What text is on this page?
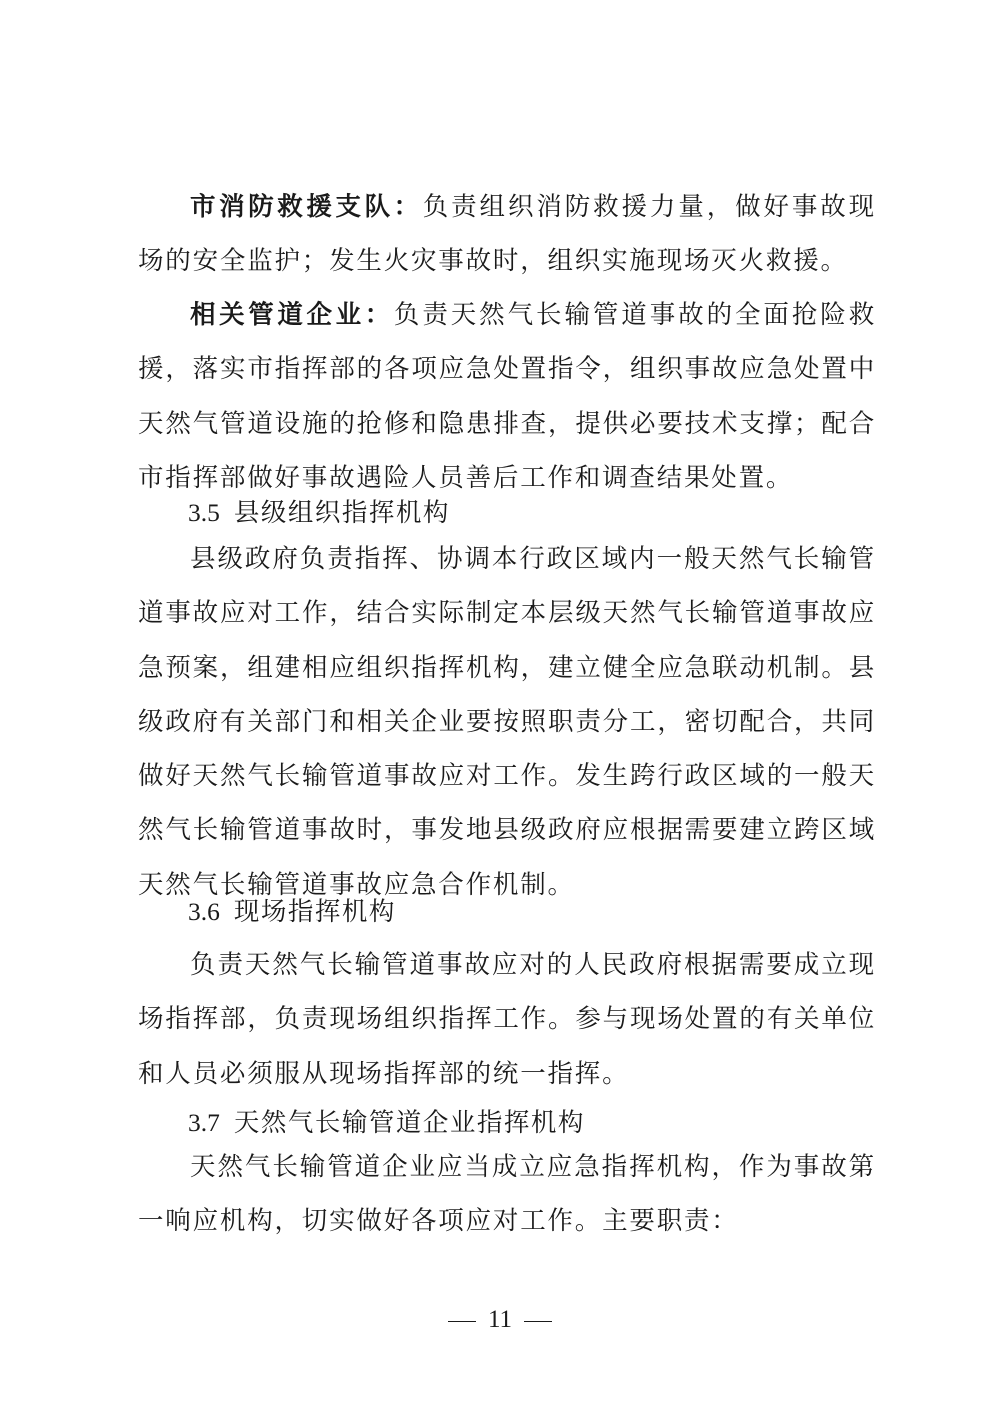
市消防救援支队：负责组织消防救援力量，做好事故现场的安全监护；发生火灾事故时，组织实施现场灭火救援。

相关管道企业：负责天然气长输管道事故的全面抢险救援，落实市指挥部的各项应急处置指令，组织事故应急处置中天然气管道设施的抢修和隐患排查，提供必要技术支撑；配合市指挥部做好事故遇险人员善后工作和调查结果处置。

3.5 县级组织指挥机构

县级政府负责指挥、协调本行政区域内一般天然气长输管道事故应对工作，结合实际制定本层级天然气长输管道事故应急预案，组建相应组织指挥机构，建立健全应急联动机制。县级政府有关部门和相关企业要按照职责分工，密切配合，共同做好天然气长输管道事故应对工作。发生跨行政区域的一般天然气长输管道事故时，事发地县级政府应根据需要建立跨区域天然气长输管道事故应急合作机制。

3.6 现场指挥机构

负责天然气长输管道事故应对的人民政府根据需要成立现场指挥部，负责现场组织指挥工作。参与现场处置的有关单位和人员必须服从现场指挥部的统一指挥。

3.7 天然气长输管道企业指挥机构

天然气长输管道企业应当成立应急指挥机构，作为事故第一响应机构，切实做好各项应对工作。主要职责：

11
